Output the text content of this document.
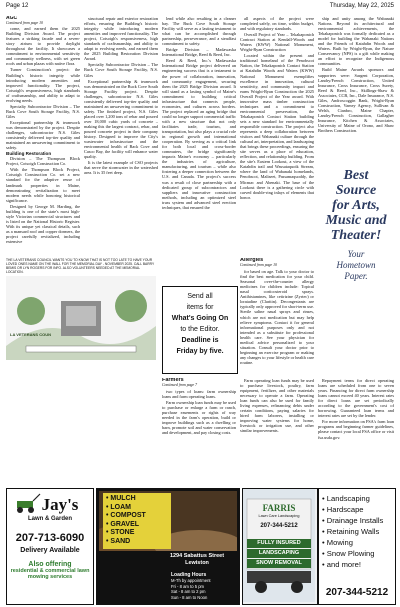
Page 12	Thursday, May 22, 2025

AGC

Continued from page 10

come, and earned them the 2025 Building Division Award. The project features a striking facade and a seven-story atrium to provide daylight throughout the facility. It showcases a commitment to environmental sensitivity and community wellness, with set green roofs and urban plazas with native flora.

Turner Construction's project: the Building's historic integrity while introducing modern amenities and improved functionality. The project, Cotsoigh's responsiveness, high standards of craftsmanship, and ability to adapt to evolving needs.

Specialty Subcontractor Division – The Buck Cove South Storage Facility, N.S. Giles

Exceptional partnership & teamwork was demonstrated by the project. Despite challenges, subcontractor N.S. Giles consistently delivered top-tier quality and maintained an unwavering commitment to safety.

Building Restoration

Division – The Thompson Block Project, Cotsoigh Construction Co.

With the Thompson Block Project, Cotsoigh Construction Co. set a new standard for the adaptive reuse of landmark properties in Maine, demonstrating revitalization to meet modern needs while honoring historical significance.

Designed by George M. Harding, the building is one of the state's most high-style Victorian commercial structures and is listed on the National Historic Register. With its unique yet classical details, such as a mansard roof and copper dormers, the project carefully revitalized, including extensive

structural repair and exterior restoration efforts, ensuring the Building's historic integrity while introducing modern amenities and improved functionality. The project, Cotsoigh's responsiveness, high standards of craftsmanship, and ability to adapt to evolving needs, and earned them the 2025 Building Restoration Division Award.

Specialty Subcontractor Division – The Buck Cove South Storage Facility, N.S. Giles

Exceptional partnership & teamwork was demonstrated on the Buck Cove South Storage Facility project. Despite challenges, subcontractor N.S. Giles consistently delivered top-tier quality and maintained an unwavering commitment to safety. The finished project, N.S. Giles placed over 1,200 tons of rebar and poured over 18,000 cubic yards of concrete – making this the largest contract, rebar, and poured concrete project in their company history. Designed to improve the City's wastewater infrastructure and the environmental health of Back Cove and Casco Bay, the facility will enhance water quality.

It is the latest example of CSO projects that serve the stormwater in the watershed area. It is 35 feet deep.

lend while also resulting in a cleaner bay. The Buck Cove South Storage Facility will serve as a lasting testament to what can be accomplished through partnership, perseverance, and a steadfast commitment to safety.

Bridge Division – Madawaska International Bridge, Reed & Reed, Inc.

Reed & Reed, Inc.'s Madawaska International Bridge project delivered an engineering success that is a testament to the power of collaboration, innovation, and community engagement, securing them the 2025 Bridge Division award. It will stand as a lasting symbol of Maine's commitment to building critical infrastructure that connects people, economies, and cultures across borders. The project replaced an aging bridge that could no longer support commercial traffic with a new structure that not only facilitates trade, tourism, and transportation, but also plays a crucial role in regional growth and international cooperation. By serving as a critical link for both local and cross-border commuters, the bridge significantly impacts Maine's economy – particularly the industries of agriculture, manufacturing, and tourism – while also fostering a deeper connection between the U.S. and Canada. The project's success was a result of close partnership with a dedicated group of subcontractors and suppliers and innovative construction methods, including an optimized steel truss system and advanced steel erection techniques, that ensured the

all aspects of the project were completed safely, on time, within budget, and with regulatory standards.

Overall Project of Year – Tekakaponich Contract Station at Kendall-Woods and Waters (KWW) National Monument, Wright-Ryan Construction

Located within the present and traditional homeland of the Penobscot Nation, the Tekakaponich Contact Station at Katahdin Woods and Waters (KWW) National Monument exemplifies excellence in innovation, cultural sensitivity, and community impact and earns Wright-Ryan Construction the 2025 Overall Project of the Year award. With innovative mass timber construction techniques and a commitment to environmental preservation, the Tekakaponich Contact Station building sets a new standard for environmentally responsible construction. The project also represents a deep collaboration between visitors and Wabanaki culture through the cultural art, interpretation, and landscaping that brings these proceedings, ensuring the site serves as a place of education, reflection, and relationship building. From the site's Eastern Lookout, a view of the Katahdin trail and Wassataquoik Stream, where the land of Wabanaki homelands, Penobscot, Maliseet, Passamaquoddy, the Micmac and Abenaki. The base of the Lookout there is a gathering circle with carved double-ring inlays of elements that honor.

ship and unity among the Wabanaki Nations. Beyond its architectural and environmental achievements, the Tekakaponich was formally dedicated as a model for building the Wabanaki Nations and the Friends of Katahdin Woods and Waters. Built by Wright-Ryan, the Nature Conservancy (NPS) is a gift while making an effort to recognize the Indigenous communities.

Build Maine Awards sponsors and supporters were: Sargent Corporation, Landry/French Construction, United Insurance, Cross Insurance, Cross Surety, Reed & Reed, Inc., Skillings-Shaw & Associates, CCB, Inc., Dale Insurance, N.S. Giles, Androscoggin Bank, Wright-Ryan Construction, Varney Agency, Sullivan & Welsh, Cianbro, Maine Chapter, Landry/French Construction, Gallagher Insurance, Kitchen & Associates, University of Maine of Orono, and Shaw Brothers Construction.

Allergies

Continued from page 10

for based on age. Talk to your doctor to find the best medication for your child. Seasonal over-the-counter allergy medicines for children include: Topical nasal corticosteroid sprays. Antihistamines, like cetirizine (Zyrtec) or loratadine (Claritin). Decongestants are typically only approved for short-term use. Sterile saline nasal sprays and rinses, which are not medication but may help relieve symptoms. Contact it for general informational purposes only and not intended as a substitute for professional health care. See your physician for medical advice personalized to your situation. Consult your doctor prior to beginning an exercise program or making any changes to your lifestyle or health care routine.

Best
Source
for Arts,
Music and
Theater!
Your
Hometown
Paper.
THE LA VETERANS COUNCIL WANTS YOU TO KNOW THAT IS NOT TOO LATE TO HAVE YOUR LOVED ONES NAME ON THE WALL FOR THE MEMORIAL DAY - NOVEMBER 2025. CALL BARRY BEMIS OR LYN ROGERS FOR INFO. ALSO VOLUNTEERS NEEDED AT THE MEMORIAL LOCATION.
LA VETERANS COUN
Send all
items for
What's Going On
to the Editor.
Deadline is
Friday by five.

Farmers

Continued from page 7

two types of loans: farm ownership loans and farm operating loans.

Farm ownership loan funds may be used to purchase or enlarge a farm or ranch, purchase easements or rights of way needed in the farm's operation, build or improve buildings such as a dwelling or barn, promote soil and water conservation and development, and pay closing costs.

Farm operating loan funds may be used to purchase livestock, poultry, farm equipment, fertilizer, and other materials necessary to operate a farm. Operating loan funds can also be used for family living expenses, refinancing debts under certain conditions, paying salaries for hired farm laborers, installing or improving water systems for home, livestock or irrigation use, and other similar improvements.

Repayment terms for direct operating loans are scheduled from one to seven years. Financing for direct farm ownership loans cannot exceed 40 years. Interest rates for direct loans are set periodically according to the government's cost of borrowing. Guaranteed loan terms and interest rates are set by the lender.

For more information on FSA's farm loan programs and beginning farmer guidelines, please contact your local FSA office or visit fsa.usda.gov.

Jay's
Lawn & Garden
207-713-6090
Delivery Available
Also offering
residential & commercial lawn mowing services
• MULCH
• LOAM
• COMPOST
• GRAVEL
• STONE
• SAND
1294 Sabattus Street
Lewiston
Loading Hours
M-Th by appointment
Fri - 8 am to 5 pm
Sat - 8 am to 2 pm
Sun - 8 am to Noon
FARRIS
Lawn Care Landscaping
207-344-5212
FULLY INSURED
LANDSCAPING
SNOW REMOVAL
• Landscaping
• Hardscape
• Drainage Installs
• Retaining Walls
• Mowing
• Snow Plowing
• and more!
207-344-5212
